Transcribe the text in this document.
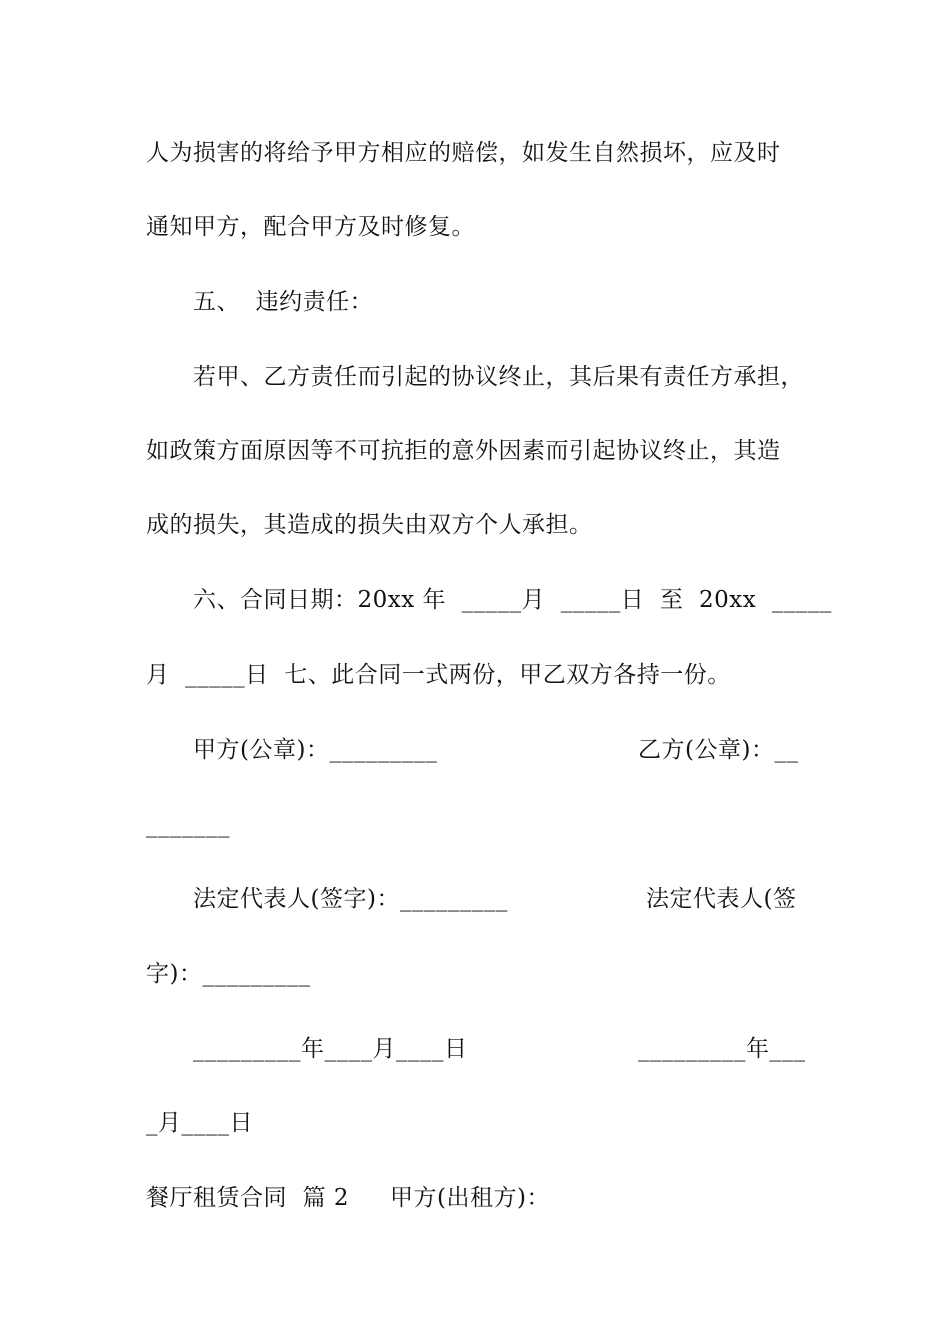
人为损害的将给予甲方相应的赔偿，如发生自然损坏，应及时
通知甲方，配合甲方及时修复。
五、  违约责任：
若甲、乙方责任而引起的协议终止，其后果有责任方承担，
如政策方面原因等不可抗拒的意外因素而引起协议终止，其造
成的损失，其造成的损失由双方个人承担。
六、合同日期：20xx 年  _____月  _____日  至  20xx  _____
月  _____日  七、此合同一式两份，甲乙双方各持一份。
甲方(公章)：_________	乙方(公章)：__
_______
法定代表人(签字)：_________	法定代表人(签
字)：_________
_________年____月____日	_________年___
_月____日
餐厅租赁合同  篇 2 甲方(出租方)：
